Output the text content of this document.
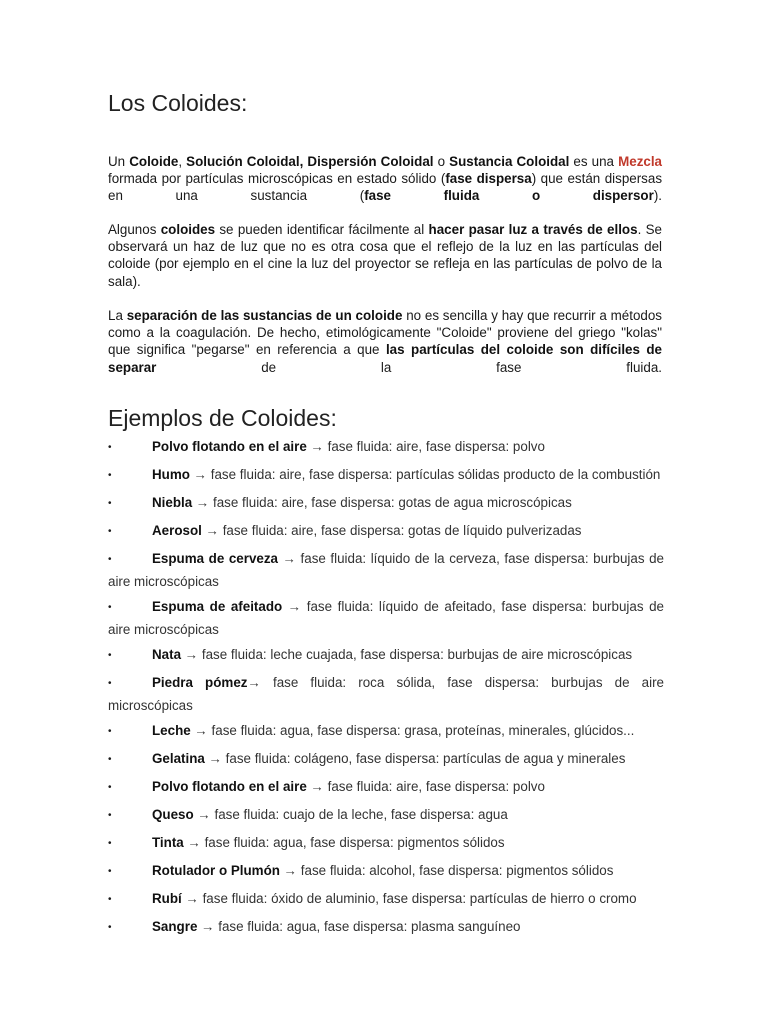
Los Coloides:

Un Coloide, Solución Coloidal, Dispersión Coloidal o Sustancia Coloidal es una Mezcla formada por partículas microscópicas en estado sólido (fase dispersa) que están dispersas en una sustancia (fase fluida o dispersor).

Algunos coloides se pueden identificar fácilmente al hacer pasar luz a través de ellos. Se observará un haz de luz que no es otra cosa que el reflejo de la luz en las partículas del coloide (por ejemplo en el cine la luz del proyector se refleja en las partículas de polvo de la sala).

La separación de las sustancias de un coloide no es sencilla y hay que recurrir a métodos como a la coagulación. De hecho, etimológicamente "Coloide" proviene del griego "kolas" que significa "pegarse" en referencia a que las partículas del coloide son difíciles de separar de la fase fluida.

Ejemplos de Coloides:
•	Polvo flotando en el aire → fase fluida: aire, fase dispersa: polvo
•	Humo → fase fluida: aire, fase dispersa: partículas sólidas producto de la combustión
•	Niebla → fase fluida: aire, fase dispersa: gotas de agua microscópicas
•	Aerosol → fase fluida: aire, fase dispersa: gotas de líquido pulverizadas
•	Espuma de cerveza → fase fluida: líquido de la cerveza, fase dispersa: burbujas de aire microscópicas
•	Espuma de afeitado → fase fluida: líquido de afeitado, fase dispersa: burbujas de aire microscópicas
•	Nata → fase fluida: leche cuajada, fase dispersa: burbujas de aire microscópicas
•	Piedra pómez→ fase fluida: roca sólida, fase dispersa: burbujas de aire microscópicas
•	Leche → fase fluida: agua, fase dispersa: grasa, proteínas, minerales, glúcidos...
•	Gelatina → fase fluida: colágeno, fase dispersa: partículas de agua y minerales
•	Polvo flotando en el aire → fase fluida: aire, fase dispersa: polvo
•	Queso → fase fluida: cuajo de la leche, fase dispersa: agua
•	Tinta → fase fluida: agua, fase dispersa: pigmentos sólidos
•	Rotulador o Plumón → fase fluida: alcohol, fase dispersa: pigmentos sólidos
•	Rubí → fase fluida: óxido de aluminio, fase dispersa: partículas de hierro o cromo
•	Sangre → fase fluida: agua, fase dispersa: plasma sanguíneo
